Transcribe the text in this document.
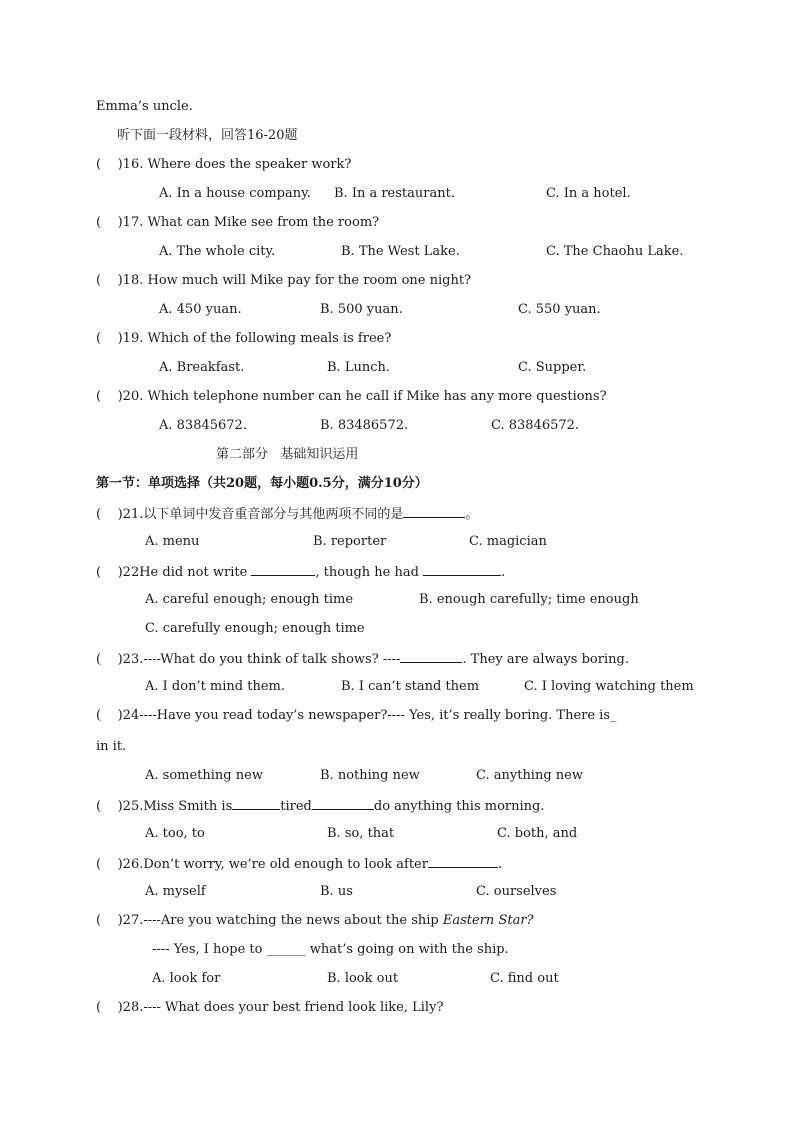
Emma’s uncle.
听下面一段材料，回答16-20题
(    )16. Where does the speaker work?
A. In a house company. B. In a restaurant.	C. In a hotel.
(    )17. What can Mike see from the room?
A. The whole city.	B. The West Lake.	C. The Chaohu Lake.
(    )18. How much will Mike pay for the room one night?
A. 450 yuan.	B. 500 yuan.	C. 550 yuan.
(    )19. Which of the following meals is free?
A. Breakfast.	B. Lunch.	C. Supper.
(    )20. Which telephone number can he call if Mike has any more questions?
A. 83845672.	B. 83486572.	C. 83846572.
第二部分   基础知识运用
第一节：单项选择（共20题，每小题0.5分，满分10分）
(    )21.以下单词中发音重音部分与其他两项不同的是	。
A. menu	B. reporter	C. magician
(    )22He did not write	, though he had	.
A. careful enough; enough time	B. enough carefully; time enough
C. carefully enough; enough time
(    )23.----What do you think of talk shows? ----	. They are always boring.
A. I don’t mind them.	B. I can’t stand them	C. I loving watching them
(    )24----Have you read today’s newspaper?---- Yes, it’s really boring. There is_
in it.
A. something new	B. nothing new	C. anything new
(    )25.Miss Smith is	tired	do anything this morning.
A. too, to	B. so, that	C. both, and
(    )26.Don’t worry, we’re old enough to look after	.
A. myself	B. us	C. ourselves
(    )27.----Are you watching the news about the ship Eastern Star?
---- Yes, I hope to ______ what’s going on with the ship.
A. look for	B. look out	C. find out
(    )28.---- What does your best friend look like, Lily?
